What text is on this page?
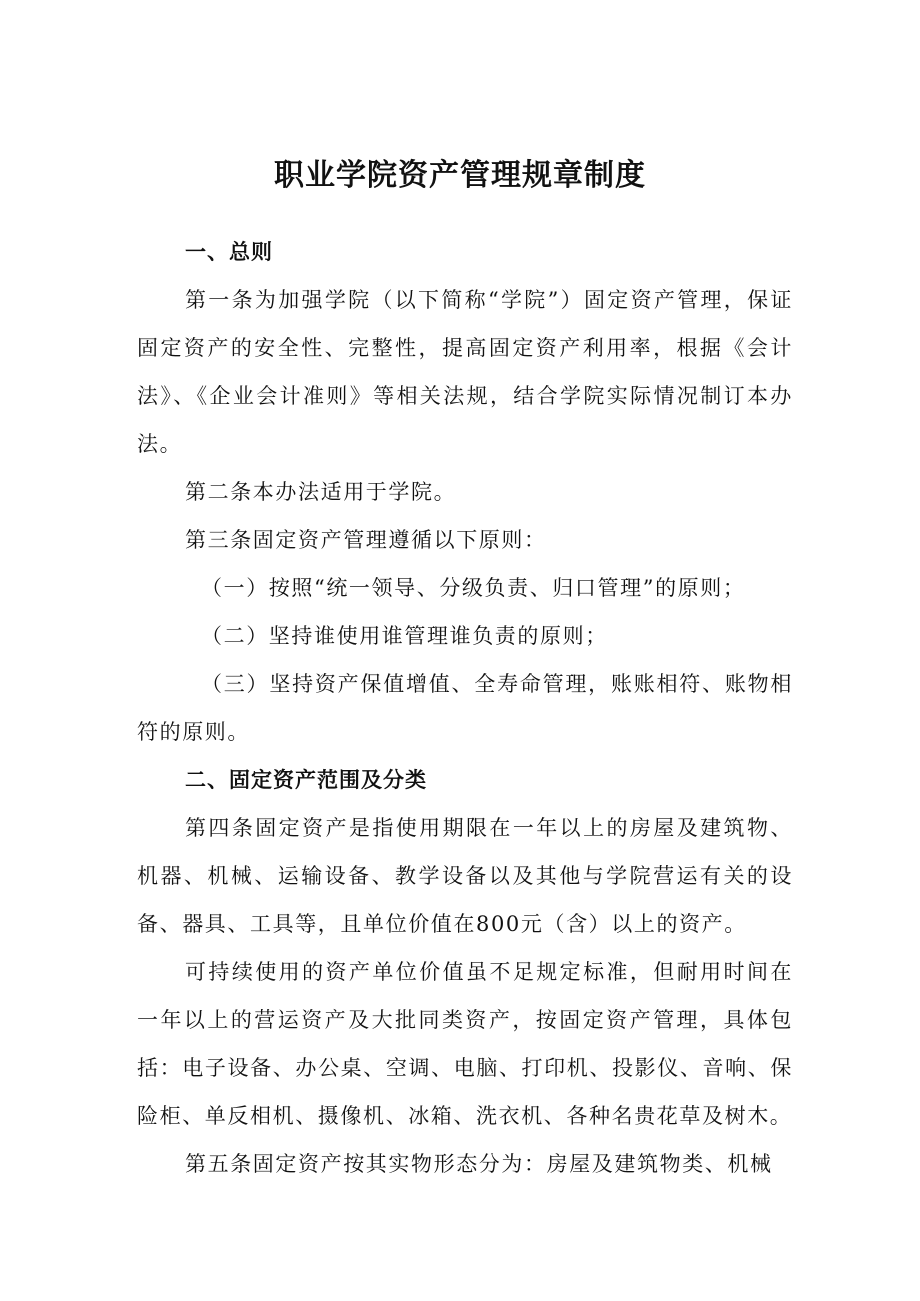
职业学院资产管理规章制度

一、总则

第一条为加强学院（以下简称“学院”）固定资产管理，保证固定资产的安全性、完整性，提高固定资产利用率，根据《会计法》、《企业会计准则》等相关法规，结合学院实际情况制订本办法。

第二条本办法适用于学院。

第三条固定资产管理遵循以下原则：

（一）按照“统一领导、分级负责、归口管理”的原则；

（二）坚持谁使用谁管理谁负责的原则；

（三）坚持资产保值增值、全寿命管理，账账相符、账物相符的原则。

二、固定资产范围及分类

第四条固定资产是指使用期限在一年以上的房屋及建筑物、机器、机械、运输设备、教学设备以及其他与学院营运有关的设备、器具、工具等，且单位价值在800元（含）以上的资产。

可持续使用的资产单位价值虽不足规定标准，但耐用时间在一年以上的营运资产及大批同类资产，按固定资产管理，具体包括：电子设备、办公桌、空调、电脑、打印机、投影仪、音响、保险柜、单反相机、摄像机、冰箱、洗衣机、各种名贵花草及树木。

第五条固定资产按其实物形态分为：房屋及建筑物类、机械
